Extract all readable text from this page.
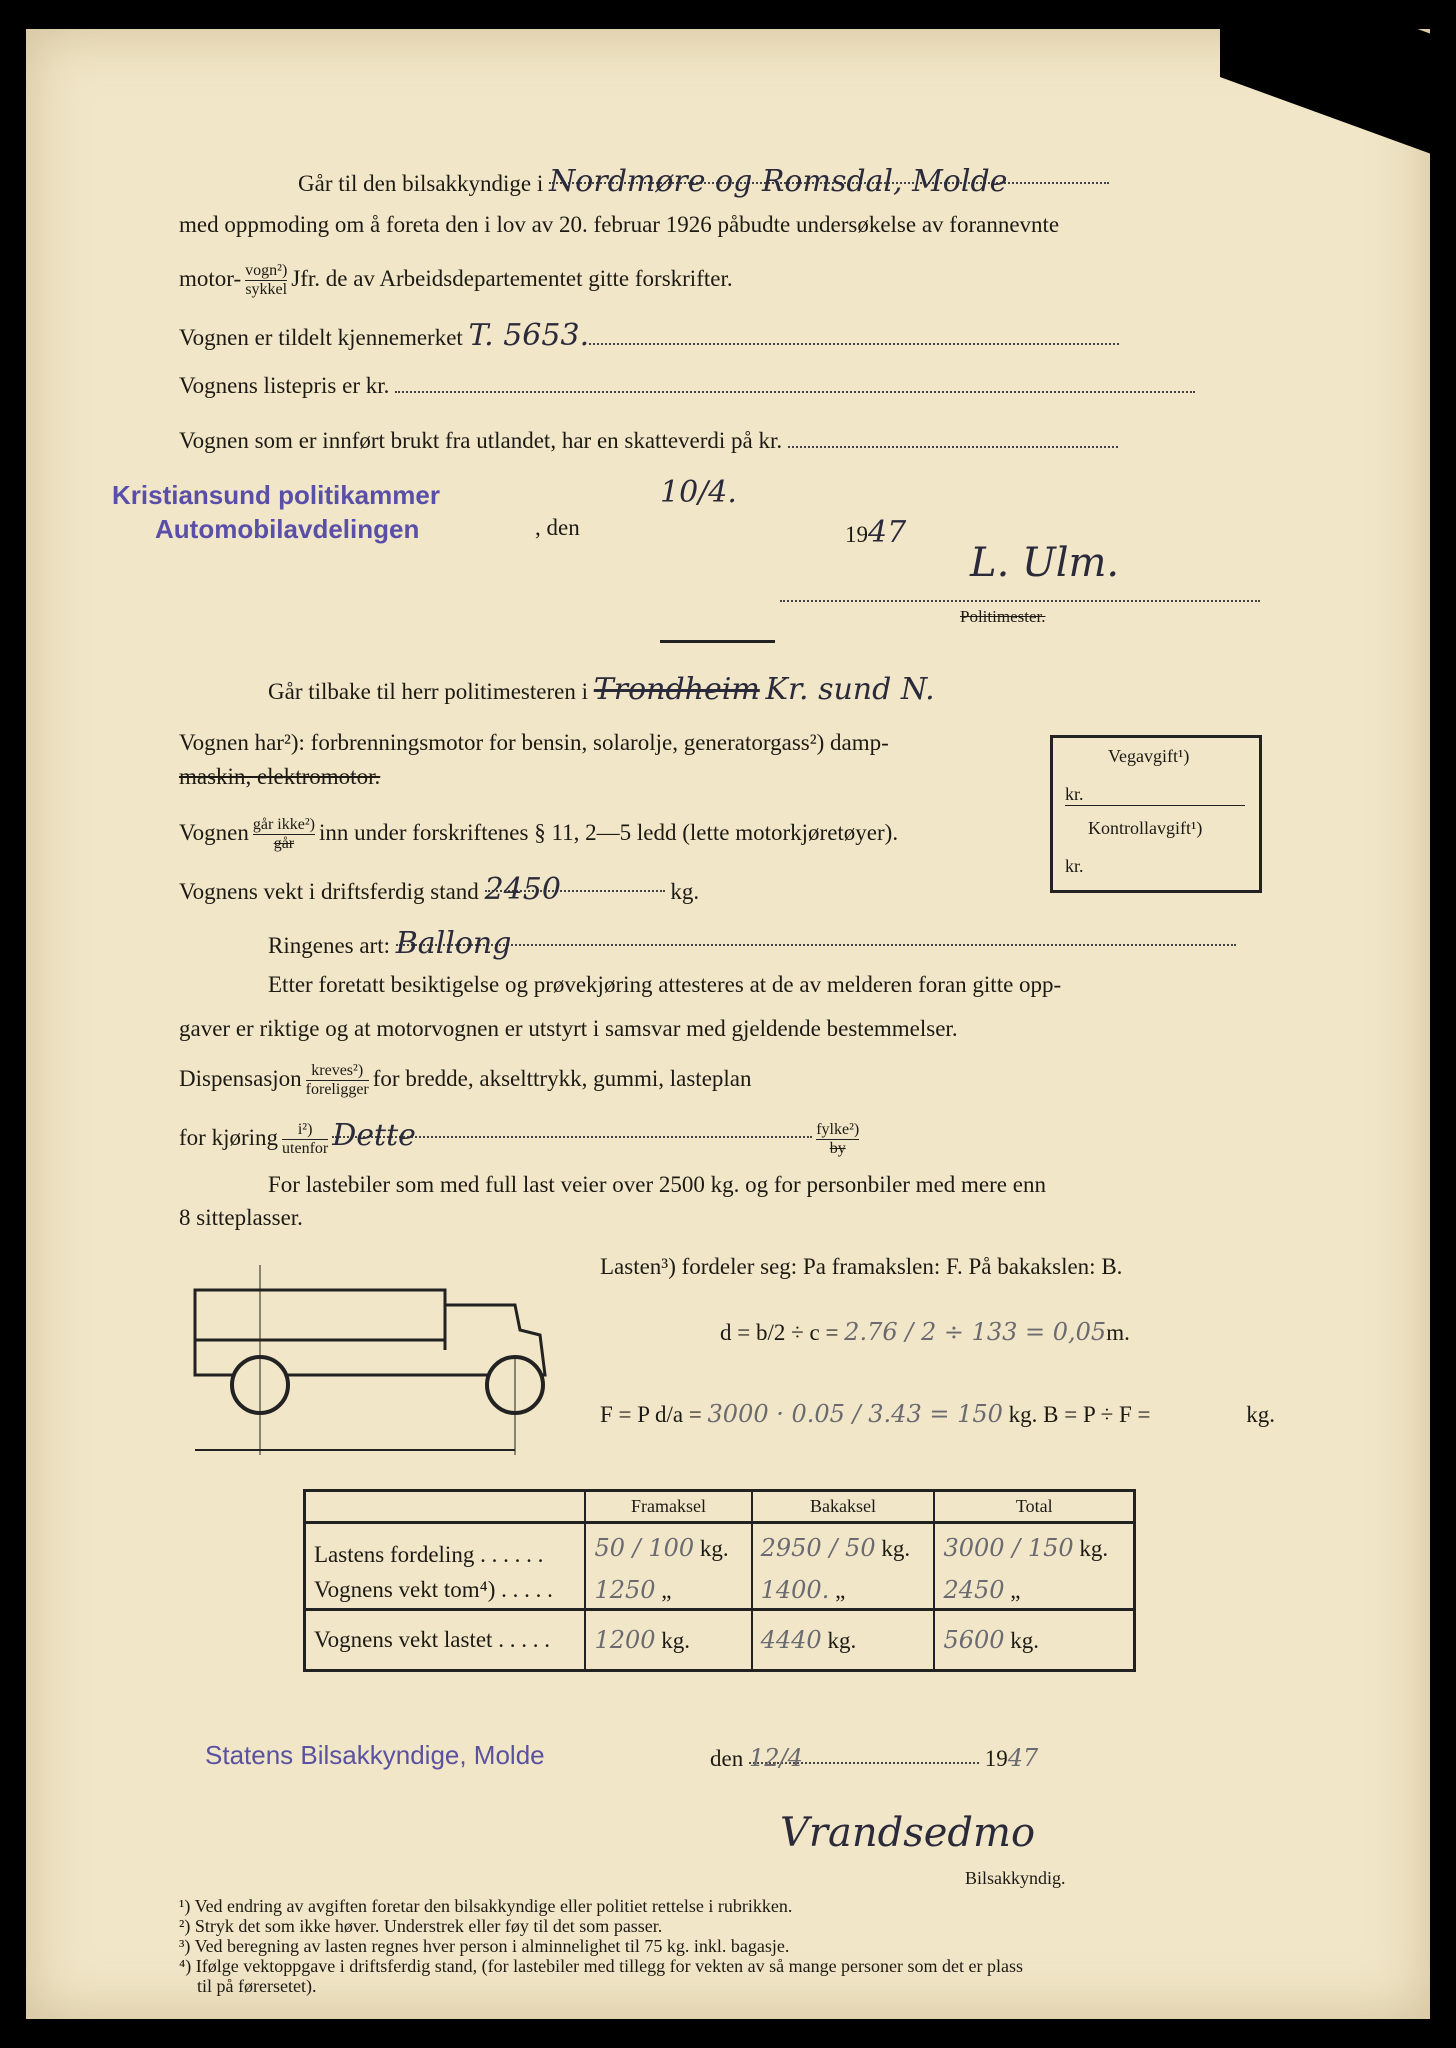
Går til den bilsakkyndige i Nordmøre og Romsdal, Molde
med oppmoding om å foreta den i lov av 20. februar 1926 påbudte undersøkelse av forannevnte
motor- $\frac{\text{vogn²)}}{\text{sykkel}}$ Jfr. de av Arbeidsdepartementet gitte forskrifter.
Vognen er tildelt kjennemerket T. 5653.
Vognens listepris er kr.
Vognen som er innført brukt fra utlandet, har en skatteverdi på kr.
Kristiansund politikammer
Automobilavdelingen	, den
10/4.
1947
L. Ulm.
Politimester.
Går tilbake til herr politimesteren i Trondheim Kr. sund N.
Vognen har²): forbrenningsmotor for bensin, solarolje, generatorgass²) damp-
maskin, elektromotor.
Vognen $\frac{\text{går ikke²)}}{\text{går}}$ inn under forskriftenes § 11, 2—5 ledd (lette motorkjøretøyer).
Vognens vekt i driftsferdig stand 2450	kg.
Ringenes art: Ballong
Etter foretatt besiktigelse og prøvekjøring attesteres at de av melderen foran gitte opp-
gaver er riktige og at motorvognen er utstyrt i samsvar med gjeldende bestemmelser.
Dispensasjon $\frac{\text{kreves²)}}{\text{foreligger}}$ for bredde, akselttrykk, gummi, lasteplan
for kjøring $\frac{\text{i²)}}{\text{utenfor}}$ Dette	$\frac{\text{fylke²)}}{by}$
For lastebiler som med full last veier over 2500 kg. og for personbiler med mere enn
8 sitteplasser.
Vegavgift¹)
kr.
Kontrollavgift¹)
kr.
Lasten³) fordeler seg: Pa framakslen: F. På bakakslen: B.
d = b/2 ÷ c = 2.76 / 2 ÷ 133 = 0,05m.
F = P d/a = 3000 · 0.05 / 3.43 = 150 kg. B = P ÷ F =	kg.
	Framaksel	Bakaksel	Total
Lastens fordeling . . . . . .	50 / 100 kg.	2950 / 50 kg.	3000 / 150 kg.
Vognens vekt tom⁴) . . . . .	1250 „	1400. „	2450 „
Vognens vekt lastet . . . . .	1200 kg.	4440 kg.	5600 kg.
Statens Bilsakkyndige, Molde	den 12/4	1947
Vrandsedmo
Bilsakkyndig.
¹) Ved endring av avgiften foretar den bilsakkyndige eller politiet rettelse i rubrikken.
²) Stryk det som ikke høver. Understrek eller føy til det som passer.
³) Ved beregning av lasten regnes hver person i alminnelighet til 75 kg. inkl. bagasje.
⁴) Ifølge vektoppgave i driftsferdig stand, (for lastebiler med tillegg for vekten av så mange personer som det er plass
til på førersetet).
